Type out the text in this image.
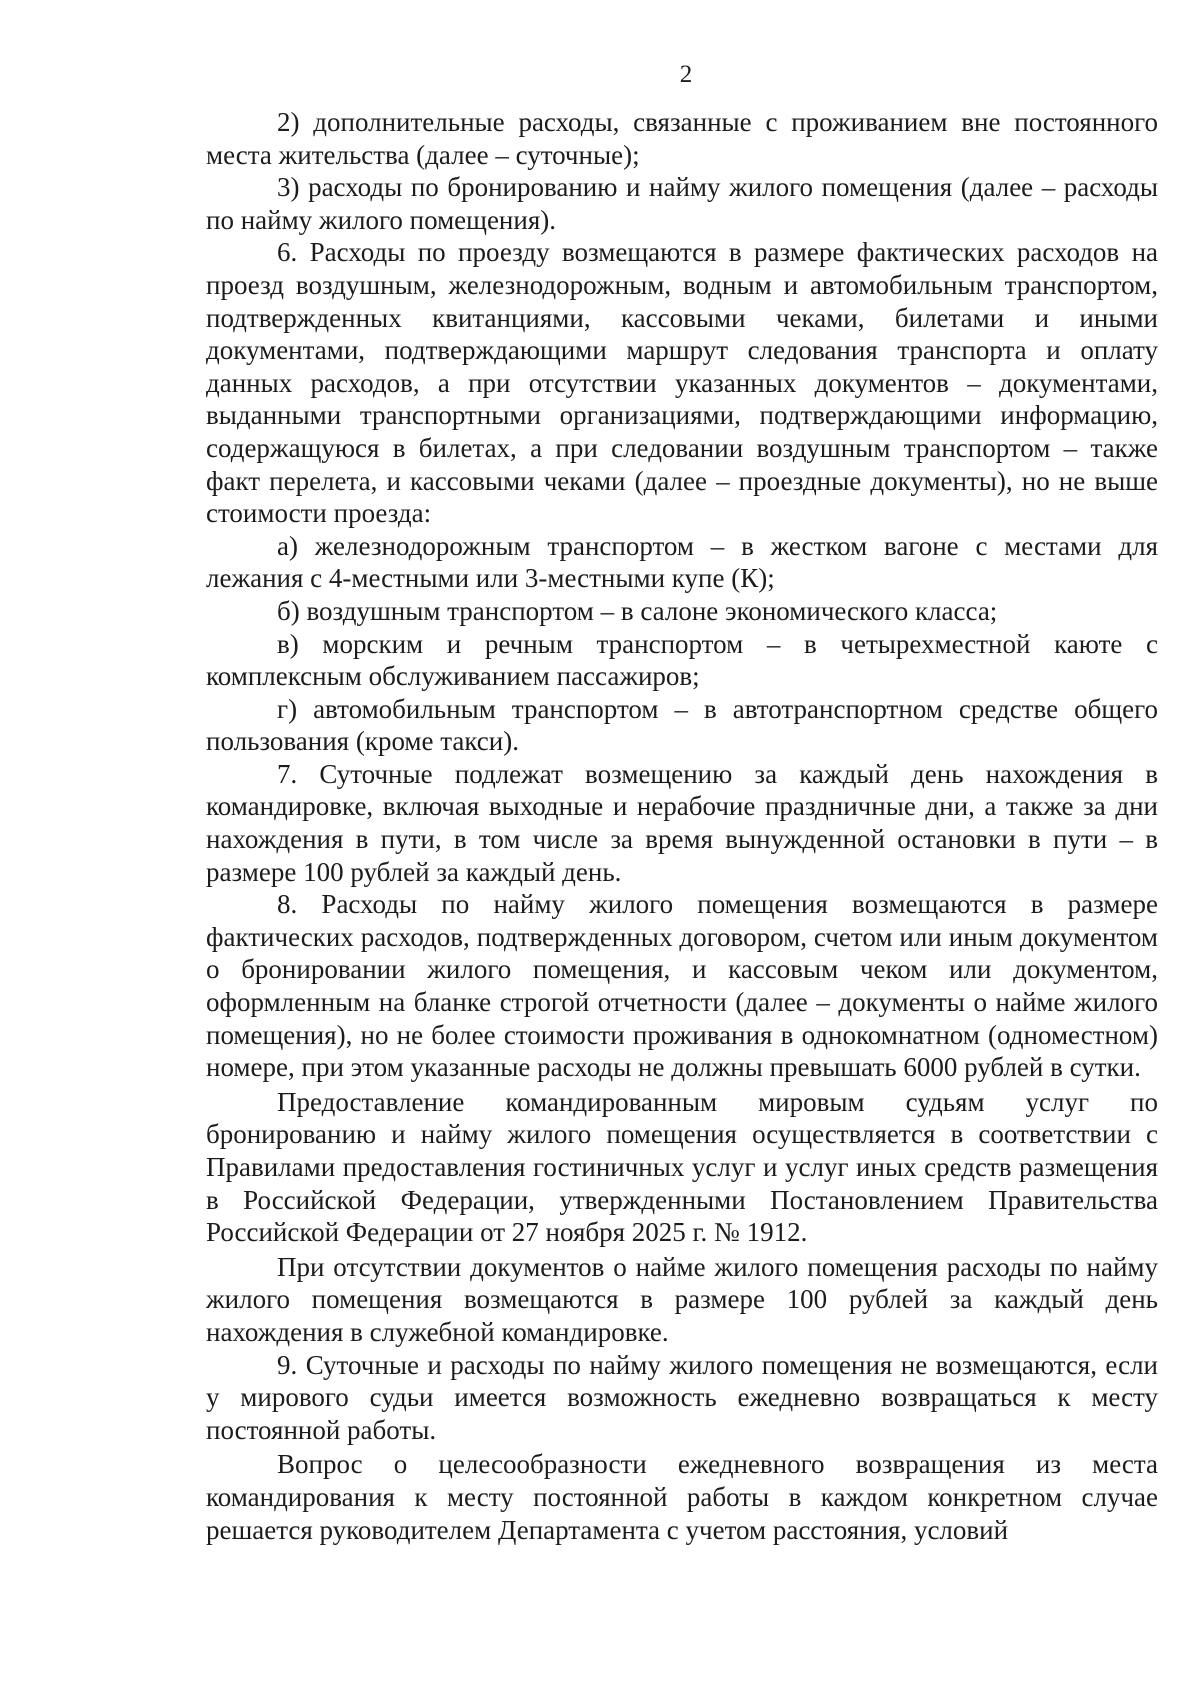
2

2) дополнительные расходы, связанные с проживанием вне постоянного места жительства (далее – суточные);

3) расходы по бронированию и найму жилого помещения (далее – расходы по найму жилого помещения).

6. Расходы по проезду возмещаются в размере фактических расходов на проезд воздушным, железнодорожным, водным и автомобильным транспортом, подтвержденных квитанциями, кассовыми чеками, билетами и иными документами, подтверждающими маршрут следования транспорта и оплату данных расходов, а при отсутствии указанных документов – документами, выданными транспортными организациями, подтверждающими информацию, содержащуюся в билетах, а при следовании воздушным транспортом – также факт перелета, и кассовыми чеками (далее – проездные документы), но не выше стоимости проезда:

а) железнодорожным транспортом – в жестком вагоне с местами для лежания с 4-местными или 3-местными купе (К);

б) воздушным транспортом – в салоне экономического класса;

в) морским и речным транспортом – в четырехместной каюте с комплексным обслуживанием пассажиров;

г) автомобильным транспортом – в автотранспортном средстве общего пользования (кроме такси).

7. Суточные подлежат возмещению за каждый день нахождения в командировке, включая выходные и нерабочие праздничные дни, а также за дни нахождения в пути, в том числе за время вынужденной остановки в пути – в размере 100 рублей за каждый день.

8. Расходы по найму жилого помещения возмещаются в размере фактических расходов, подтвержденных договором, счетом или иным документом о бронировании жилого помещения, и кассовым чеком или документом, оформленным на бланке строгой отчетности (далее – документы о найме жилого помещения), но не более стоимости проживания в однокомнатном (одноместном) номере, при этом указанные расходы не должны превышать 6000 рублей в сутки.

Предоставление командированным мировым судьям услуг по бронированию и найму жилого помещения осуществляется в соответствии с Правилами предоставления гостиничных услуг и услуг иных средств размещения в Российской Федерации, утвержденными Постановлением Правительства Российской Федерации от 27 ноября 2025 г. № 1912.

При отсутствии документов о найме жилого помещения расходы по найму жилого помещения возмещаются в размере 100 рублей за каждый день нахождения в служебной командировке.

9. Суточные и расходы по найму жилого помещения не возмещаются, если у мирового судьи имеется возможность ежедневно возвращаться к месту постоянной работы.

Вопрос о целесообразности ежедневного возвращения из места командирования к месту постоянной работы в каждом конкретном случае решается руководителем Департамента с учетом расстояния, условий
